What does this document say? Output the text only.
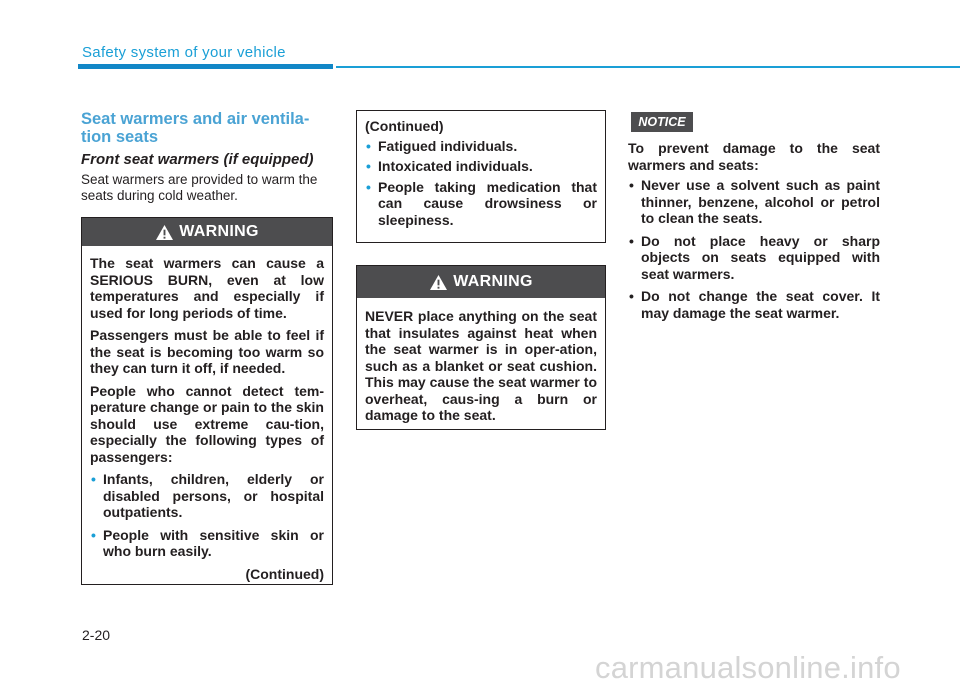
Safety system of your vehicle
Seat warmers and air ventila-tion seats
Front seat warmers (if equipped)
Seat warmers are provided to warm the seats during cold weather.
WARNING

The seat warmers can cause a SERIOUS BURN, even at low temperatures and especially if used for long periods of time.

Passengers must be able to feel if the seat is becoming too warm so they can turn it off, if needed.

People who cannot detect tem-perature change or pain to the skin should use extreme cau-tion, especially the following types of passengers:

• Infants, children, elderly or disabled persons, or hospital outpatients.
• People with sensitive skin or who burn easily.
(Continued)

(Continued)

• Fatigued individuals.
• Intoxicated individuals.
• People taking medication that can cause drowsiness or sleepiness.
WARNING

NEVER place anything on the seat that insulates against heat when the seat warmer is in oper-ation, such as a blanket or seat cushion. This may cause the seat warmer to overheat, caus-ing a burn or damage to the seat.

NOTICE

To prevent damage to the seat warmers and seats:

• Never use a solvent such as paint thinner, benzene, alcohol or petrol to clean the seats.
• Do not place heavy or sharp objects on seats equipped with seat warmers.
• Do not change the seat cover. It may damage the seat warmer.
2-20
carmanualsonline.info
